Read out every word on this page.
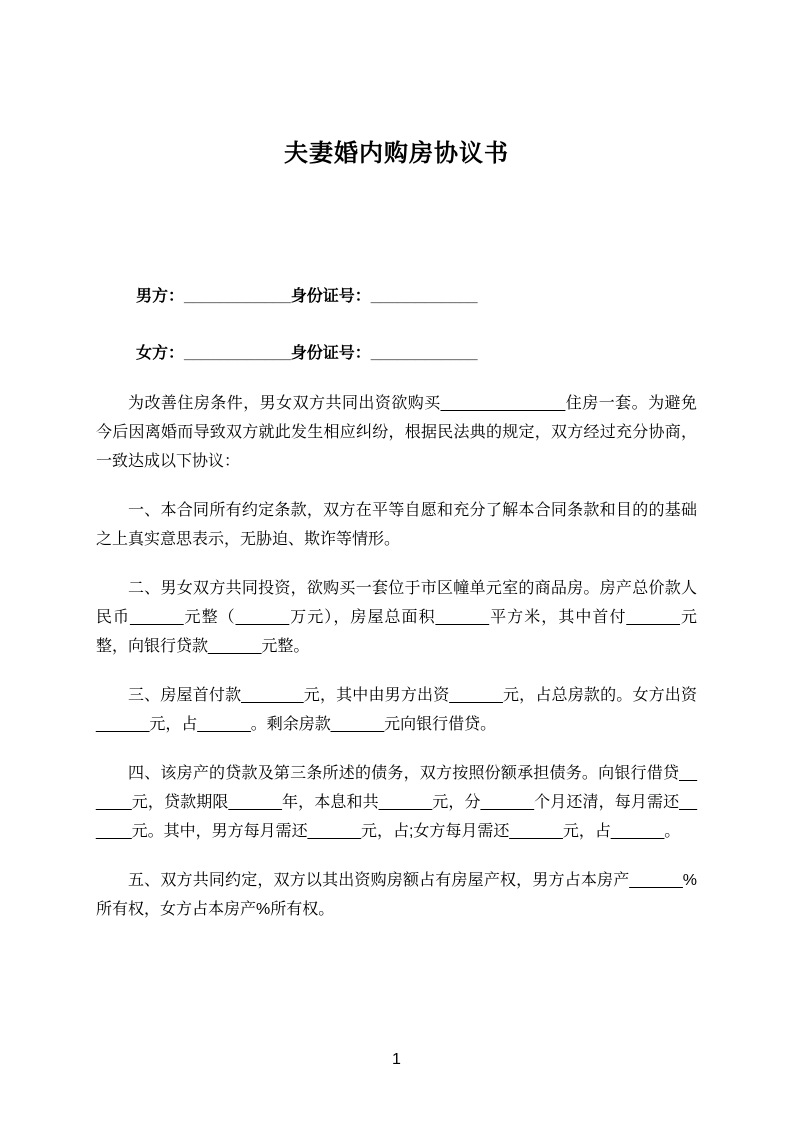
夫妻婚内购房协议书

男方：____________身份证号：____________

女方：____________身份证号：____________

为改善住房条件，男女双方共同出资欲购买______________住房一套。为避免今后因离婚而导致双方就此发生相应纠纷，根据民法典的规定，双方经过充分协商，一致达成以下协议：

一、本合同所有约定条款，双方在平等自愿和充分了解本合同条款和目的的基础之上真实意思表示，无胁迫、欺诈等情形。

二、男女双方共同投资，欲购买一套位于市区幢单元室的商品房。房产总价款人民币______元整（______万元），房屋总面积______平方米，其中首付______元整，向银行贷款______元整。

三、房屋首付款_______元，其中由男方出资______元，占总房款的。女方出资______元，占______。剩余房款______元向银行借贷。

四、该房产的贷款及第三条所述的债务，双方按照份额承担债务。向银行借贷______元，贷款期限______年，本息和共______元，分______个月还清，每月需还______元。其中，男方每月需还______元，占;女方每月需还______元，占______。

五、双方共同约定，双方以其出资购房额占有房屋产权，男方占本房产______%所有权，女方占本房产%所有权。

1
